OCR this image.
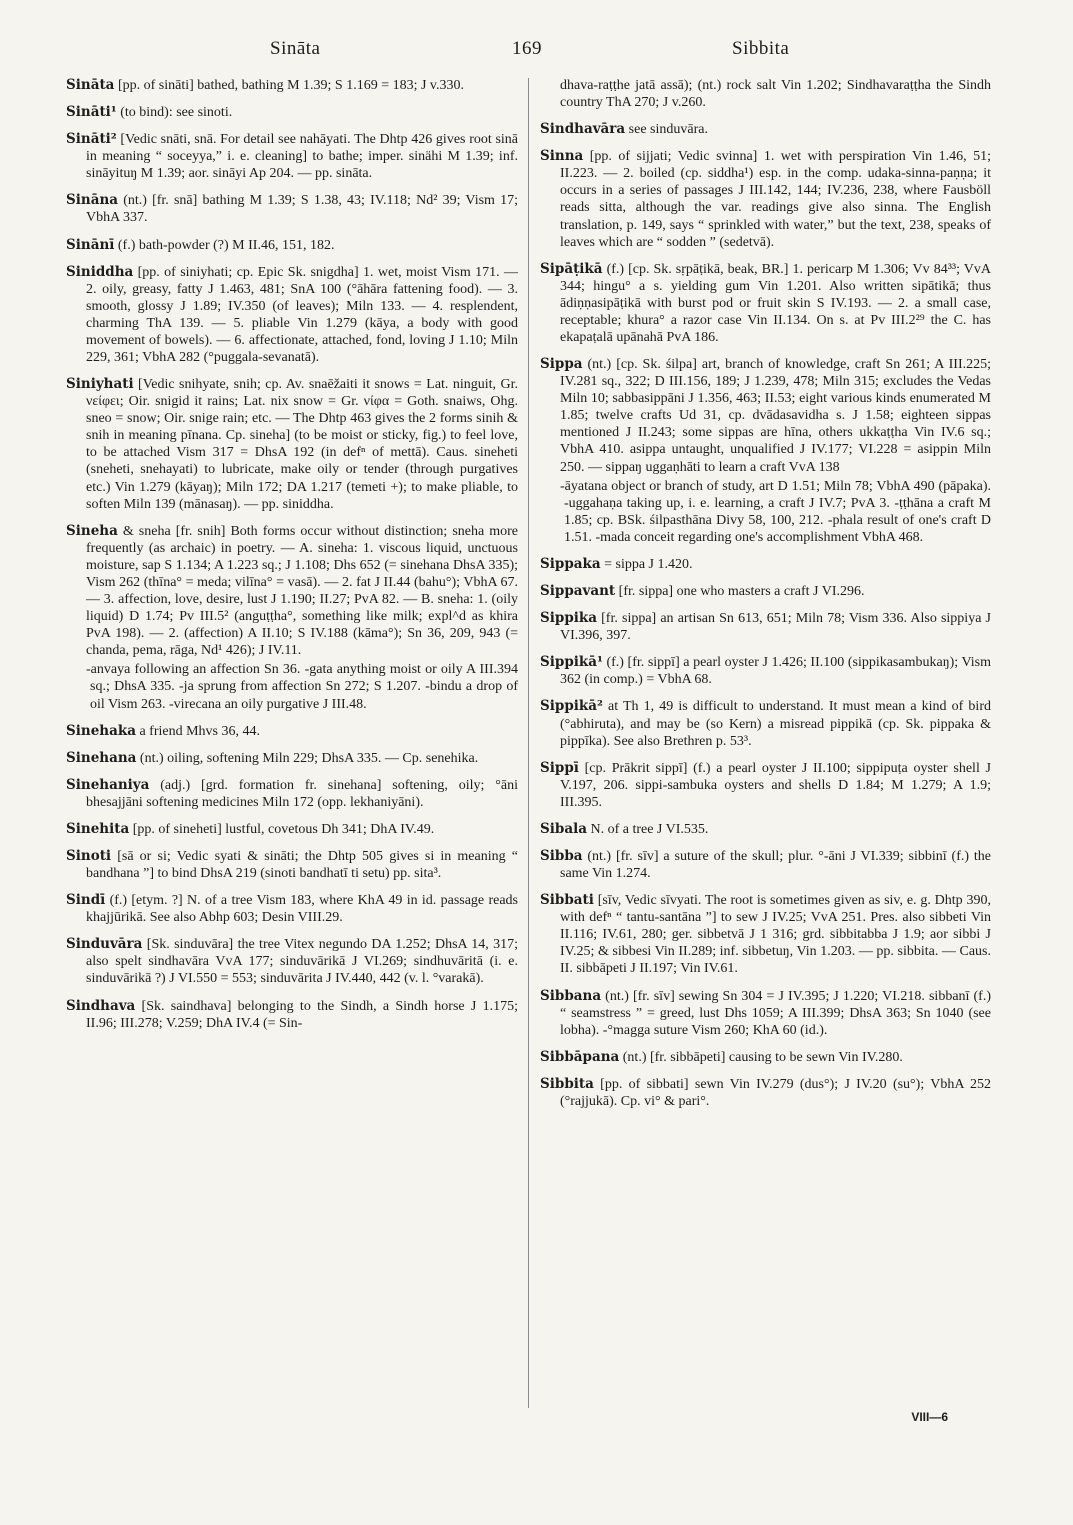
Sināta	169	Sibbita

Sināta [pp. of sināti] bathed, bathing M 1.39; S 1.169 = 183; J v.330.

Sināti¹ (to bind): see sinoti.

Sināti² [Vedic snāti, snā. For detail see nahāyati. The Dhtp 426 gives root sinā in meaning “ soceyya,” i. e. cleaning] to bathe; imper. sinähi M 1.39; inf. sināyituŋ M 1.39; aor. sināyi Ap 204. — pp. sināta.

Sināna (nt.) [fr. snā] bathing M 1.39; S 1.38, 43; IV.118; Nd² 39; Vism 17; VbhA 337.

Sinānī (f.) bath-powder (?) M II.46, 151, 182.

Siniddha [pp. of siniyhati; cp. Epic Sk. snigdha] 1. wet, moist Vism 171. — 2. oily, greasy, fatty J 1.463, 481; SnA 100 (°āhāra fattening food). — 3. smooth, glossy J 1.89; IV.350 (of leaves); Miln 133. — 4. resplendent, charming ThA 139. — 5. pliable Vin 1.279 (kāya, a body with good movement of bowels). — 6. affectionate, attached, fond, loving J 1.10; Miln 229, 361; VbhA 282 (°puggala-sevanatā).

Siniyhati [Vedic snihyate, snih; cp. Av. snaēžaiti it snows = Lat. ninguit, Gr. νείφει; Oir. snigid it rains; Lat. nix snow = Gr. νίφα = Goth. snaiws, Ohg. sneo = snow; Oir. snige rain; etc. — The Dhtp 463 gives the 2 forms sinih & snih in meaning pīnana. Cp. sineha] (to be moist or sticky, fig.) to feel love, to be attached Vism 317 = DhsA 192 (in defⁿ of mettā). Caus. sineheti (sneheti, snehayati) to lubricate, make oily or tender (through purgatives etc.) Vin 1.279 (kāyaŋ); Miln 172; DA 1.217 (temeti +); to make pliable, to soften Miln 139 (mānasaŋ). — pp. siniddha.

Sineha & sneha [fr. snih] Both forms occur without distinction; sneha more frequently (as archaic) in poetry. — A. sineha: 1. viscous liquid, unctuous moisture, sap S 1.134; A 1.223 sq.; J 1.108; Dhs 652 (= sinehana DhsA 335); Vism 262 (thīna° = meda; vilīna° = vasā). — 2. fat J II.44 (bahu°); VbhA 67. — 3. affection, love, desire, lust J 1.190; II.27; PvA 82. — B. sneha: 1. (oily liquid) D 1.74; Pv III.5² (anguṭṭha°, something like milk; expl^d as khira PvA 198). — 2. (affection) A II.10; S IV.188 (kāma°); Sn 36, 209, 943 (= chanda, pema, rāga, Nd¹ 426); J IV.11.
-anvaya following an affection Sn 36. -gata anything moist or oily A III.394 sq.; DhsA 335. -ja sprung from affection Sn 272; S 1.207. -bindu a drop of oil Vism 263. -virecana an oily purgative J III.48.

Sinehaka a friend Mhvs 36, 44.

Sinehana (nt.) oiling, softening Miln 229; DhsA 335. — Cp. senehika.

Sinehaniya (adj.) [grd. formation fr. sinehana] softening, oily; °āni bhesajjāni softening medicines Miln 172 (opp. lekhaniyāni).

Sinehita [pp. of sineheti] lustful, covetous Dh 341; DhA IV.49.

Sinoti [sā or si; Vedic syati & sināti; the Dhtp 505 gives si in meaning “ bandhana ”] to bind DhsA 219 (sinoti bandhatī ti setu) pp. sita³.

Sindī (f.) [etym. ?] N. of a tree Vism 183, where KhA 49 in id. passage reads khajjūrikā. See also Abhp 603; Desin VIII.29.

Sinduvāra [Sk. sinduvāra] the tree Vitex negundo DA 1.252; DhsA 14, 317; also spelt sindhavāra VvA 177; sinduvārikā J VI.269; sindhuvāritā (i. e. sinduvārikā ?) J VI.550 = 553; sinduvārita J IV.440, 442 (v. l. °varakā).

Sindhava [Sk. saindhava] belonging to the Sindh, a Sindh horse J 1.175; II.96; III.278; V.259; DhA IV.4 (= Sin-

dhava-raṭṭhe jatā assā); (nt.) rock salt Vin 1.202; Sindhavaraṭṭha the Sindh country ThA 270; J v.260.

Sindhavāra see sinduvāra.

Sinna [pp. of sijjati; Vedic svinna] 1. wet with perspiration Vin 1.46, 51; II.223. — 2. boiled (cp. siddha¹) esp. in the comp. udaka-sinna-paṇṇa; it occurs in a series of passages J III.142, 144; IV.236, 238, where Fausböll reads sitta, although the var. readings give also sinna. The English translation, p. 149, says “ sprinkled with water,” but the text, 238, speaks of leaves which are “ sodden ” (sedetvā).

Sipāṭikā (f.) [cp. Sk. sṛpāṭikā, beak, BR.] 1. pericarp M 1.306; Vv 84³³; VvA 344; hingu° a s. yielding gum Vin 1.201. Also written sipātikā; thus ādiṇṇasipāṭikā with burst pod or fruit skin S IV.193. — 2. a small case, receptable; khura° a razor case Vin II.134. On s. at Pv III.2²⁹ the C. has ekapaṭalā upānahā PvA 186.

Sippa (nt.) [cp. Sk. śilpa] art, branch of knowledge, craft Sn 261; A III.225; IV.281 sq., 322; D III.156, 189; J 1.239, 478; Miln 315; excludes the Vedas Miln 10; sabbasippāni J 1.356, 463; II.53; eight various kinds enumerated M 1.85; twelve crafts Ud 31, cp. dvādasavidha s. J 1.58; eighteen sippas mentioned J II.243; some sippas are hīna, others ukkaṭṭha Vin IV.6 sq.; VbhA 410. asippa untaught, unqualified J IV.177; VI.228 = asippin Miln 250. — sippaŋ uggaṇhāti to learn a craft VvA 138
-āyatana object or branch of study, art D 1.51; Miln 78; VbhA 490 (pāpaka). -uggahaṇa taking up, i. e. learning, a craft J IV.7; PvA 3. -ṭṭhāna a craft M 1.85; cp. BSk. śilpasthāna Divy 58, 100, 212. -phala result of one's craft D 1.51. -mada conceit regarding one's accomplishment VbhA 468.

Sippaka = sippa J 1.420.

Sippavant [fr. sippa] one who masters a craft J VI.296.

Sippika [fr. sippa] an artisan Sn 613, 651; Miln 78; Vism 336. Also sippiya J VI.396, 397.

Sippikā¹ (f.) [fr. sippī] a pearl oyster J 1.426; II.100 (sippikasambukaŋ); Vism 362 (in comp.) = VbhA 68.

Sippikā² at Th 1, 49 is difficult to understand. It must mean a kind of bird (°abhiruta), and may be (so Kern) a misread pippikā (cp. Sk. pippaka & pippīka). See also Brethren p. 53³.

Sippī [cp. Prākrit sippī] (f.) a pearl oyster J II.100; sippipuṭa oyster shell J V.197, 206. sippi-sambuka oysters and shells D 1.84; M 1.279; A 1.9; III.395.

Sibala N. of a tree J VI.535.

Sibba (nt.) [fr. sīv] a suture of the skull; plur. °-āni J VI.339; sibbinī (f.) the same Vin 1.274.

Sibbati [sīv, Vedic sīvyati. The root is sometimes given as siv, e. g. Dhtp 390, with defⁿ “ tantu-santāna ”] to sew J IV.25; VvA 251. Pres. also sibbeti Vin II.116; IV.61, 280; ger. sibbetvā J 1 316; grd. sibbitabba J 1.9; aor sibbi J IV.25; & sibbesi Vin II.289; inf. sibbetuŋ, Vin 1.203. — pp. sibbita. — Caus. II. sibbāpeti J II.197; Vin IV.61.

Sibbana (nt.) [fr. sīv] sewing Sn 304 = J IV.395; J 1.220; VI.218. sibbanī (f.) “ seamstress ” = greed, lust Dhs 1059; A III.399; DhsA 363; Sn 1040 (see lobha). -°magga suture Vism 260; KhA 60 (id.).

Sibbāpana (nt.) [fr. sibbāpeti] causing to be sewn Vin IV.280.

Sibbita [pp. of sibbati] sewn Vin IV.279 (dus°); J IV.20 (su°); VbhA 252 (°rajjukā). Cp. vi° & pari°.

VIII—6
